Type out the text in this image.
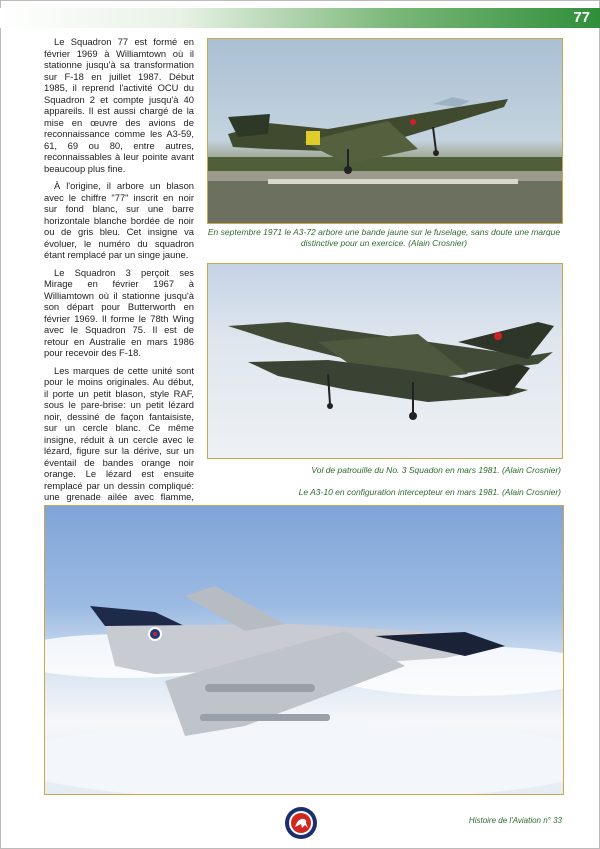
77

Le Squadron 77 est formé en février 1969 à Williamtown où il stationne jusqu'à sa transformation sur F-18 en juillet 1987. Début 1985, il reprend l'activité OCU du Squadron 2 et compte jusqu'à 40 appareils. Il est aussi chargé de la mise en œuvre des avions de reconnaissance comme les A3-59, 61, 69 ou 80, entre autres, reconnaissables à leur pointe avant beaucoup plus fine.

À l'origine, il arbore un blason avec le chiffre "77" inscrit en noir sur fond blanc, sur une barre horizontale blanche bordée de noir ou de gris bleu. Cet insigne va évoluer, le numéro du squadron étant remplacé par un singe jaune.

Le Squadron 3 perçoit ses Mirage en février 1967 à Williamtown où il stationne jusqu'à son départ pour Butterworth en février 1969. Il forme le 78th Wing avec le Squadron 75. Il est de retour en Australie en mars 1986 pour recevoir des F-18.

Les marques de cette unité sont pour le moins originales. Au début, il porte un petit blason, style RAF, sous le pare-brise: un petit lézard noir, dessiné de façon fantaisiste, sur un cercle blanc. Ce même insigne, réduit à un cercle avec le lézard, figure sur la dérive, sur un éventail de bandes orange noir orange. Le lézard est ensuite remplacé par un dessin compliqué: une grenade ailée avec flamme,

En septembre 1971 le A3-72 arbore une bande jaune sur le fuselage, sans doute une marque distinctive pour un exercice. (Alain Crosnier)
Vol de patrouille du No. 3 Squadon en mars 1981. (Alain Crosnier)
Le A3-10 en configuration intercepteur en mars 1981. (Alain Crosnier)
Histoire de l'Aviation n° 33
